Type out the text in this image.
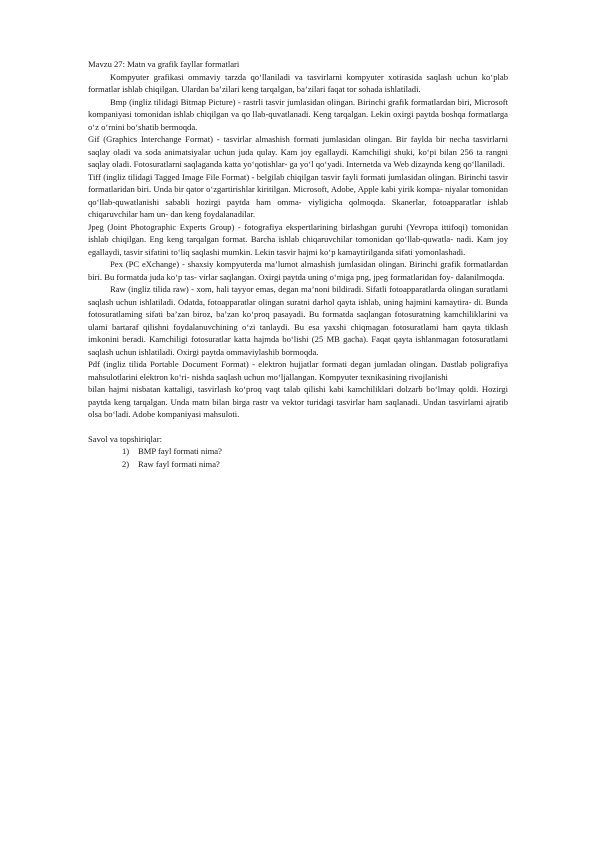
Mavzu 27: Matn va grafik fayllar formatlari

Kompyuter grafikasi ommaviy tarzda qo‘llaniladi va tasvirlarni kompyuter xotirasida saqlash uchun ko‘plab formatlar ishlab chiqilgan. Ulardan ba’zilari keng tarqalgan, ba’zilari faqat tor sohada ishlatiladi.

Bmp (ingliz tilidagi Bitmap Picture) - rastrli tasvir jumlasidan olingan. Birinchi grafik formatlardan biri, Microsoft kompaniyasi tomonidan ishlab chiqilgan va qo llab-quvatlanadi. Keng tarqalgan. Lekin oxirgi paytda boshqa formatlarga o‘z o‘rnini bo‘shatib bermoqda.

Gif (Graphics Interchange Format) - tasvirlar almashish formati jumlasidan olingan. Bir faylda bir necha tasvirlarni saqlay oladi va soda animatsiyalar uchun juda qulay. Kam joy egallaydi. Kamchiligi shuki, ko‘pi bilan 256 ta rangni saqlay oladi. Fotosuratlarni saqlaganda katta yo‘qotishlar- ga yo‘l qo‘yadi. Internetda va Web dizaynda keng qo‘llaniladi.

Tiff (ingliz tilidagi Tagged Image File Format) - belgilab chiqilgan tasvir fayli formati jumlasidan olingan. Birinchi tasvir formatlaridan biri. Unda bir qator o‘zgartirishlar kiritilgan. Microsoft, Adobe, Apple kabi yirik kompa- niyalar tomonidan qo‘llab-quwatlanishi sababli hozirgi paytda ham omma- viyligicha qolmoqda. Skanerlar, fotoapparatlar ishlab chiqaruvchilar ham un- dan keng foydalanadilar.

Jpeg (Joint Photographic Experts Group) - fotografiya ekspertlarining birlashgan guruhi (Yevropa ittifoqi) tomonidan ishlab chiqilgan. Eng keng tarqalgan format. Barcha ishlab chiqaruvchilar tomonidan qo‘llab-quwatla- nadi. Kam joy egallaydi, tasvir sifatini to‘liq saqlashi mumkin. Lekin tasvir hajmi ko‘p kamaytirilganda sifati yomonlashadi.

Pex (PC eXchange) - shaxsiy kompyuterda ma’lumot almashish jumlasidan olingan. Birinchi grafik formatlardan biri. Bu formatda juda ko‘p tas- virlar saqlangan. Oxirgi paytda uning o‘miga png, jpeg formatlaridan foy- dalanilmoqda.

Raw (ingliz tilida raw) - xom, hali tayyor emas, degan ma’noni bildiradi. Sifatli fotoapparatlarda olingan suratlami saqlash uchun ishlatiladi. Odatda, fotoapparatlar olingan suratni darhol qayta ishlab, uning hajmini kamaytira- di. Bunda fotosuratlaming sifati ba’zan biroz, ba’zan ko‘proq pasayadi. Bu formatda saqlangan fotosuratning kamchiliklarini va ulami bartaraf qilishni foydalanuvchining o‘zi tanlaydi. Bu esa yaxshi chiqmagan fotosuratlami ham qayta tiklash imkonini beradi. Kamchiligi fotosuratlar katta hajmda bo‘lishi (25 MB gacha). Faqat qayta ishlanmagan fotosuratlami saqlash uchun ishlatiladi. Oxirgi paytda ommaviylashib bormoqda.

Pdf (ingliz tilida Portable Document Format) - elektron hujjatlar formati degan jumladan olingan. Dastlab poligrafiya mahsulotlarini elektron ko‘ri- nishda saqlash uchun mo‘ljallangan. Kompyuter texnikasining rivojlanishi

bilan hajmi nisbatan kattaligi, tasvirlash ko‘proq vaqt talab qilishi kabi kamchiliklari dolzarb bo‘lmay qoldi. Hozirgi paytda keng tarqalgan. Unda matn bilan birga rastr va vektor turidagi tasvirlar ham saqlanadi. Undan tasvirlami ajratib olsa bo‘ladi. Adobe kompaniyasi mahsuloti.

Savol va topshiriqlar:

1) BMP fayl formati nima?
2) Raw fayl formati nima?
